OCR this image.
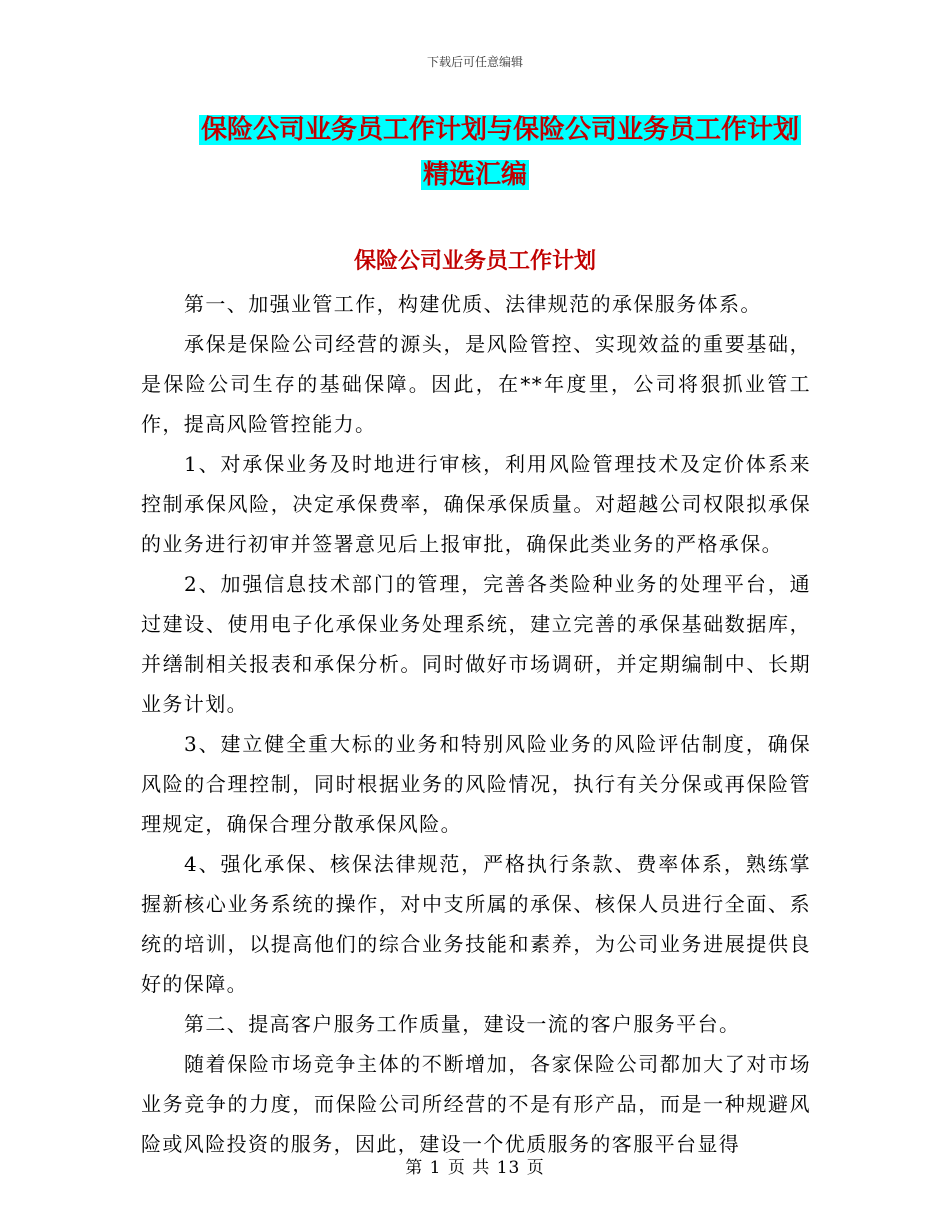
下载后可任意编辑
保险公司业务员工作计划与保险公司业务员工作计划
精选汇编
保险公司业务员工作计划

第一、加强业管工作，构建优质、法律规范的承保服务体系。

承保是保险公司经营的源头，是风险管控、实现效益的重要基础，是保险公司生存的基础保障。因此，在**年度里，公司将狠抓业管工作，提高风险管控能力。

1、对承保业务及时地进行审核，利用风险管理技术及定价体系来控制承保风险，决定承保费率，确保承保质量。对超越公司权限拟承保的业务进行初审并签署意见后上报审批，确保此类业务的严格承保。

2、加强信息技术部门的管理，完善各类险种业务的处理平台，通过建设、使用电子化承保业务处理系统，建立完善的承保基础数据库，并缮制相关报表和承保分析。同时做好市场调研，并定期编制中、长期业务计划。

3、建立健全重大标的业务和特别风险业务的风险评估制度，确保风险的合理控制，同时根据业务的风险情况，执行有关分保或再保险管理规定，确保合理分散承保风险。

4、强化承保、核保法律规范，严格执行条款、费率体系，熟练掌握新核心业务系统的操作，对中支所属的承保、核保人员进行全面、系统的培训，以提高他们的综合业务技能和素养，为公司业务进展提供良好的保障。

第二、提高客户服务工作质量，建设一流的客户服务平台。

随着保险市场竞争主体的不断增加，各家保险公司都加大了对市场业务竞争的力度，而保险公司所经营的不是有形产品，而是一种规避风险或风险投资的服务，因此，建设一个优质服务的客服平台显得

第 1 页 共 13 页
